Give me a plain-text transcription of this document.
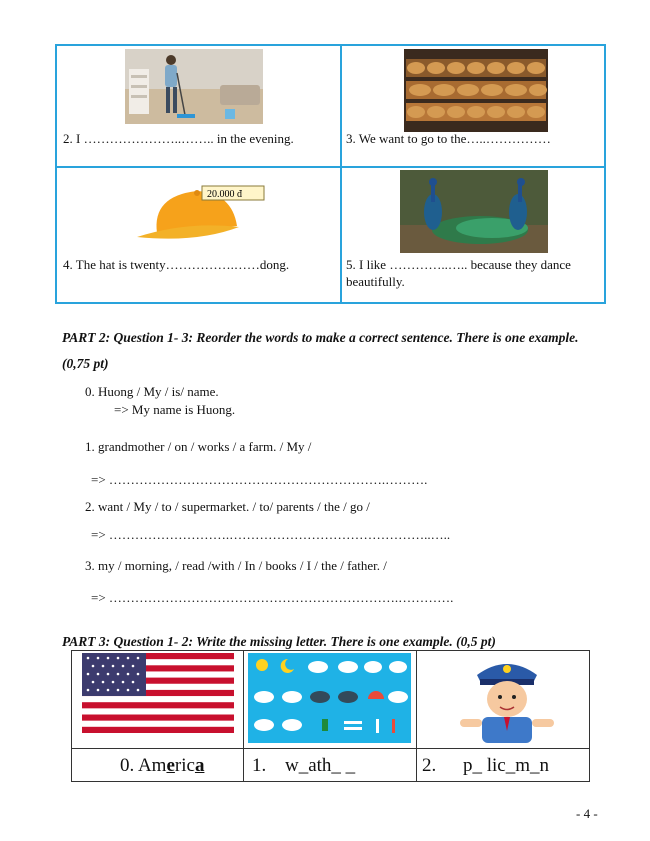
2. I …………………..…….. in the evening.	3. We want to go to the…..……………
20.000 đ
4. The hat is twenty…………….……dong.	5. I like …………..….. because they dance beautifully.
PART 2: Question 1- 3: Reorder the words to make a correct sentence. There is one example. (0,75 pt)
0. Huong / My / is/ name.
=> My name is Huong.
1. grandmother / on / works / a farm. / My /
=> ……………………………………………………….……….
2. want / My / to / supermarket. / to/ parents / the / go /
=> ……………………….………………………………………..…..
3. my / morning, / read /with / In / books / I / the / father. /
=> ………………………………………………………….………….
PART 3: Question 1- 2: Write the missing letter. There is one example. (0,5 pt)
0. America	1. w_ath_ _	2. p_ lic_m_n
- 4 -
